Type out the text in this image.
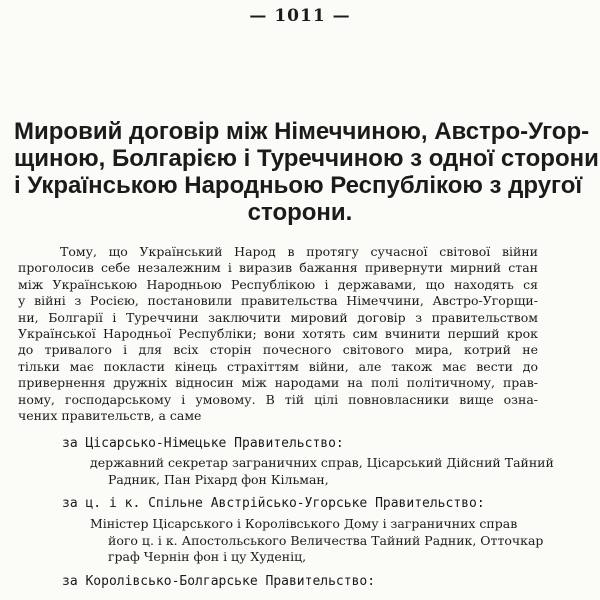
— 1011 —
Мировий договір між Німеччиною, Австро-Угор-
щиною, Болгарією і Туреччиною з одної сторони
і Українською Народньою Республікою з другої
сторони.
Тому, що Український Народ в протягу сучасної світової війни
проголосив себе незалежним і виразив бажання привернути мирний стан
між Українською Народньою Республікою і державами, що находять ся
у війні з Росією, постановили правительства Німеччини, Австро-Угорщи-
ни, Болгарії і Туреччини заключити мировий договір з правительством
Української Народньої Республіки; вони хотять сим вчинити перший крок
до тривалого і для всіх сторін почесного світового мира, котрий не
тільки має покласти кінець страхіттям війни, але також має вести до
привернення дружніх відносин між народами на полі політичному, прав-
ному, господарському і умовому. В тій цілі повновласники вище озна-
чених правительств, а саме
за Цісарсько-Німецьке Правительство:
державний секретар заграничних справ, Цісарський Дійсний Тайний
Радник, Пан Ріхард фон Кільман,
за ц. і к. Спільне Австрійсько-Угорське Правительство:
Міністер Цісарського і Королівського Дому і заграничних справ
його ц. і к. Апостольського Величества Тайний Радник, Отточкар
граф Чернін фон і цу Худеніц,
за Королівсько-Болгарське Правительство:
